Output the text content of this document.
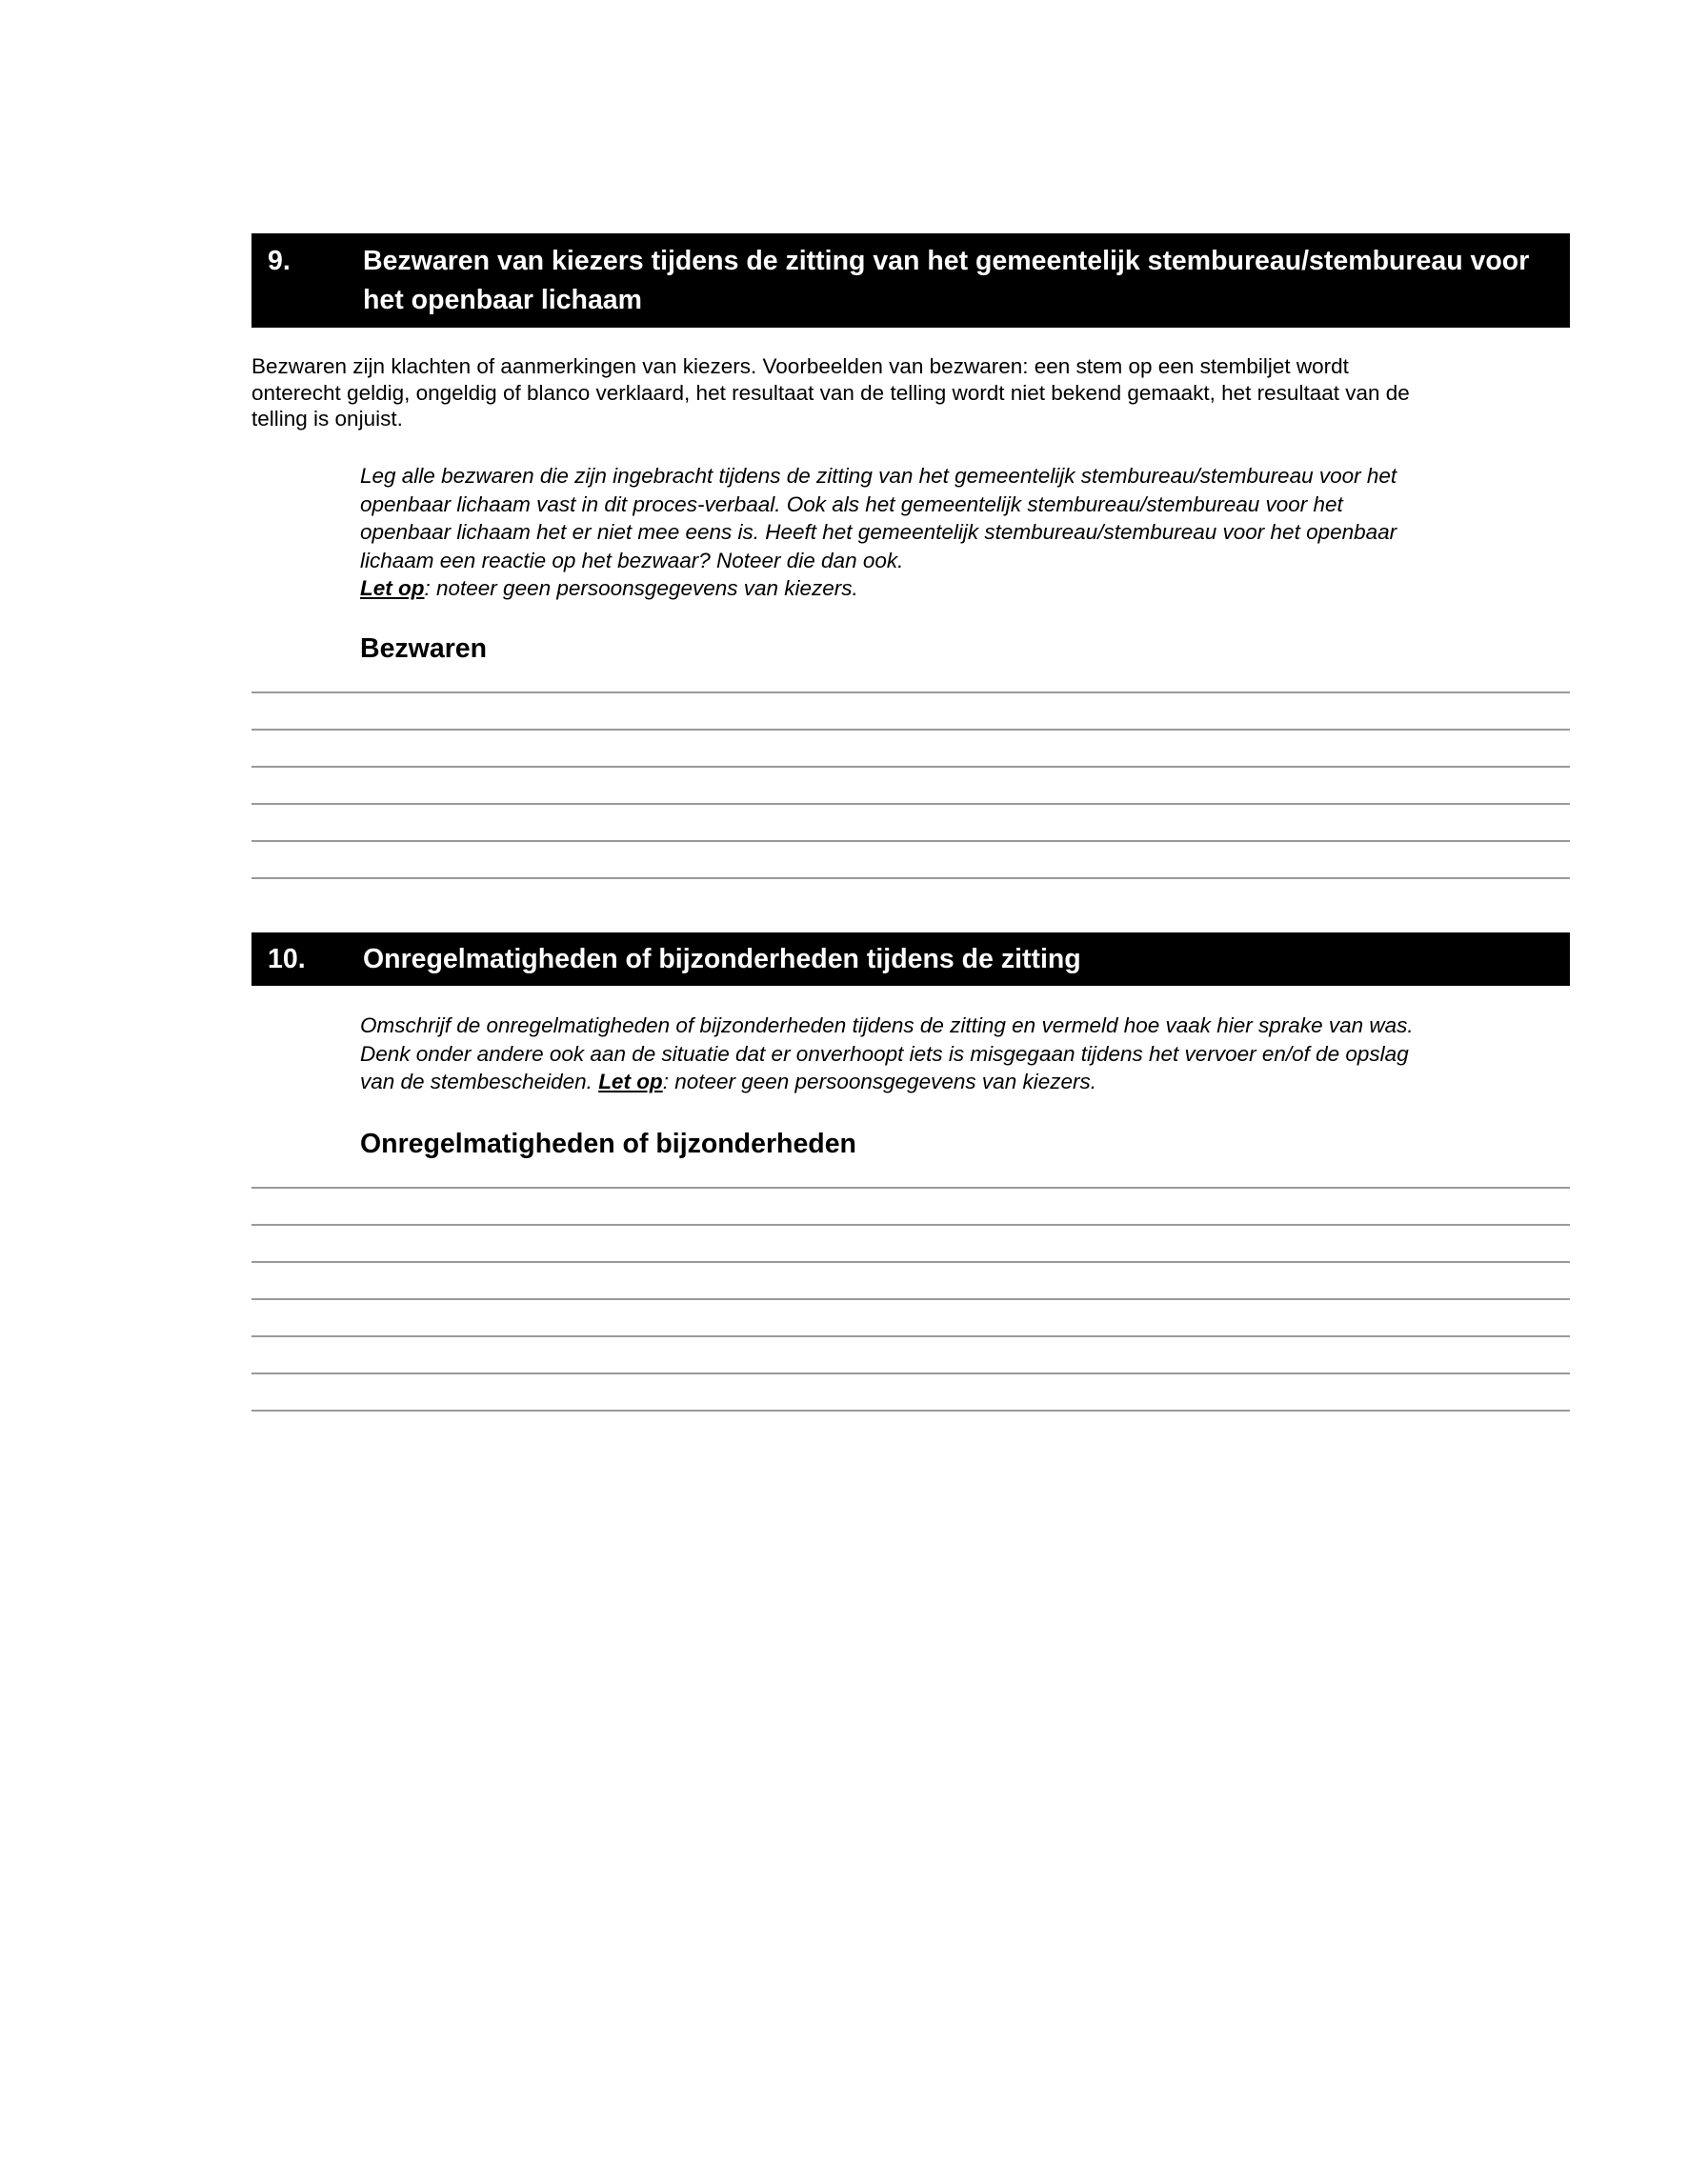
9.	Bezwaren van kiezers tijdens de zitting van het gemeentelijk stembureau/stembureau voor het openbaar lichaam
Bezwaren zijn klachten of aanmerkingen van kiezers. Voorbeelden van bezwaren: een stem op een stembiljet wordt onterecht geldig, ongeldig of blanco verklaard, het resultaat van de telling wordt niet bekend gemaakt, het resultaat van de telling is onjuist.
Leg alle bezwaren die zijn ingebracht tijdens de zitting van het gemeentelijk stembureau/stembureau voor het openbaar lichaam vast in dit proces-verbaal. Ook als het gemeentelijk stembureau/stembureau voor het openbaar lichaam het er niet mee eens is. Heeft het gemeentelijk stembureau/stembureau voor het openbaar lichaam een reactie op het bezwaar? Noteer die dan ook.
Let op: noteer geen persoonsgegevens van kiezers.
Bezwaren
10. Onregelmatigheden of bijzonderheden tijdens de zitting
Omschrijf de onregelmatigheden of bijzonderheden tijdens de zitting en vermeld hoe vaak hier sprake van was. Denk onder andere ook aan de situatie dat er onverhoopt iets is misgegaan tijdens het vervoer en/of de opslag van de stembescheiden. Let op: noteer geen persoonsgegevens van kiezers.
Onregelmatigheden of bijzonderheden
